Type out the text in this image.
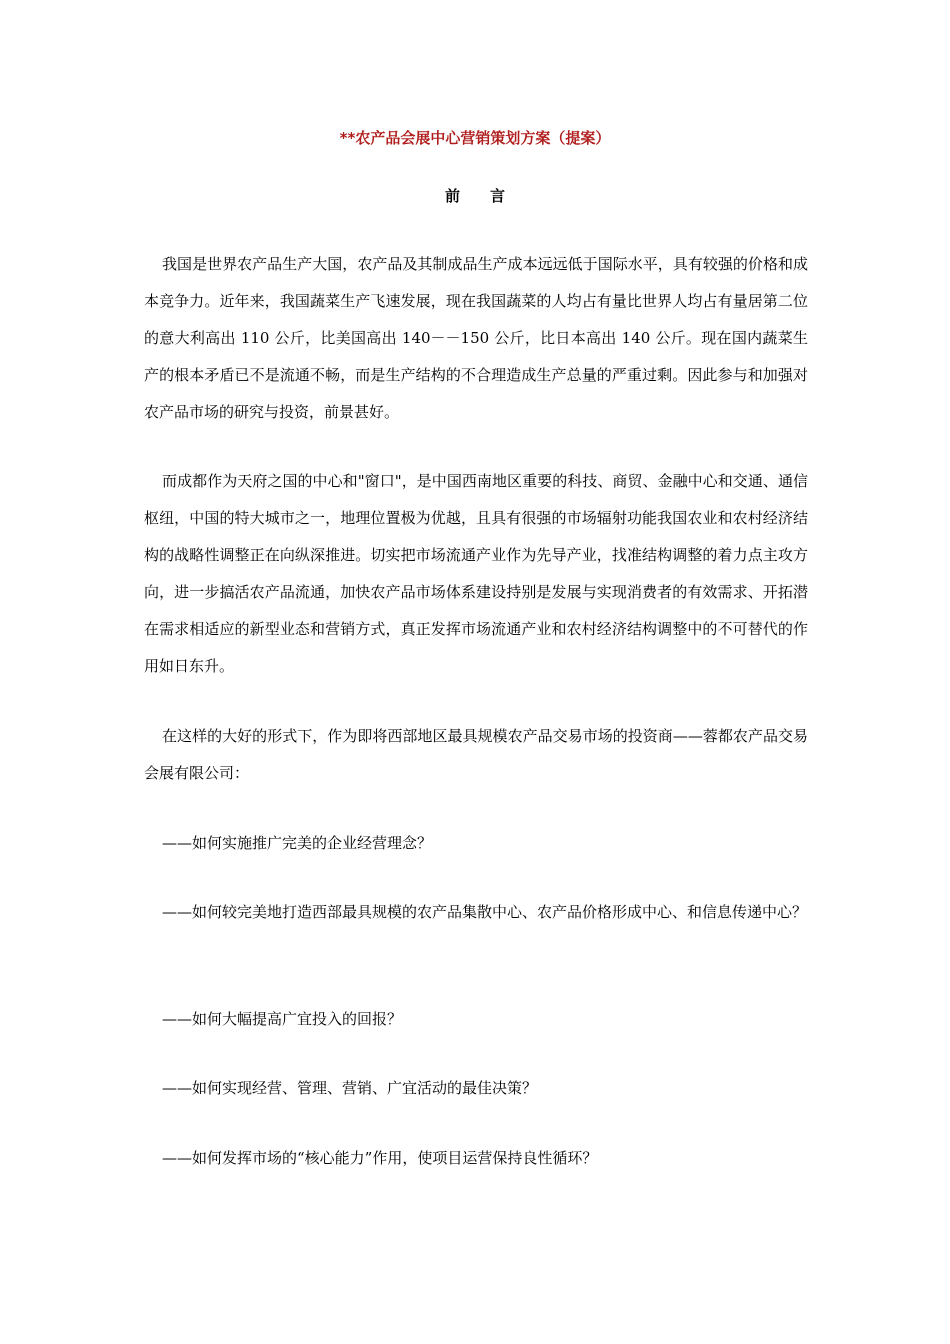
**农产品会展中心营销策划方案（提案）
前　　言

我国是世界农产品生产大国，农产品及其制成品生产成本远远低于国际水平，具有较强的价格和成本竞争力。近年来，我国蔬菜生产飞速发展，现在我国蔬菜的人均占有量比世界人均占有量居第二位的意大利高出 110 公斤，比美国高出 140－－150 公斤，比日本高出 140 公斤。现在国内蔬菜生产的根本矛盾已不是流通不畅，而是生产结构的不合理造成生产总量的严重过剩。因此参与和加强对农产品市场的研究与投资，前景甚好。

而成都作为天府之国的中心和"窗口"，是中国西南地区重要的科技、商贸、金融中心和交通、通信枢纽，中国的特大城市之一，地理位置极为优越，且具有很强的市场辐射功能我国农业和农村经济结构的战略性调整正在向纵深推进。切实把市场流通产业作为先导产业，找准结构调整的着力点主攻方向，进一步搞活农产品流通，加快农产品市场体系建设持别是发展与实现消费者的有效需求、开拓潜在需求相适应的新型业态和营销方式，真正发挥市场流通产业和农村经济结构调整中的不可替代的作用如日东升。

在这样的大好的形式下，作为即将西部地区最具规模农产品交易市场的投资商——蓉都农产品交易会展有限公司：

——如何实施推广完美的企业经营理念？

——如何较完美地打造西部最具规模的农产品集散中心、农产品价格形成中心、和信息传递中心？

——如何大幅提高广宜投入的回报？

——如何实现经营、管理、营销、广宜活动的最佳决策？

——如何发挥市场的“核心能力”作用，使项目运营保持良性循环？
